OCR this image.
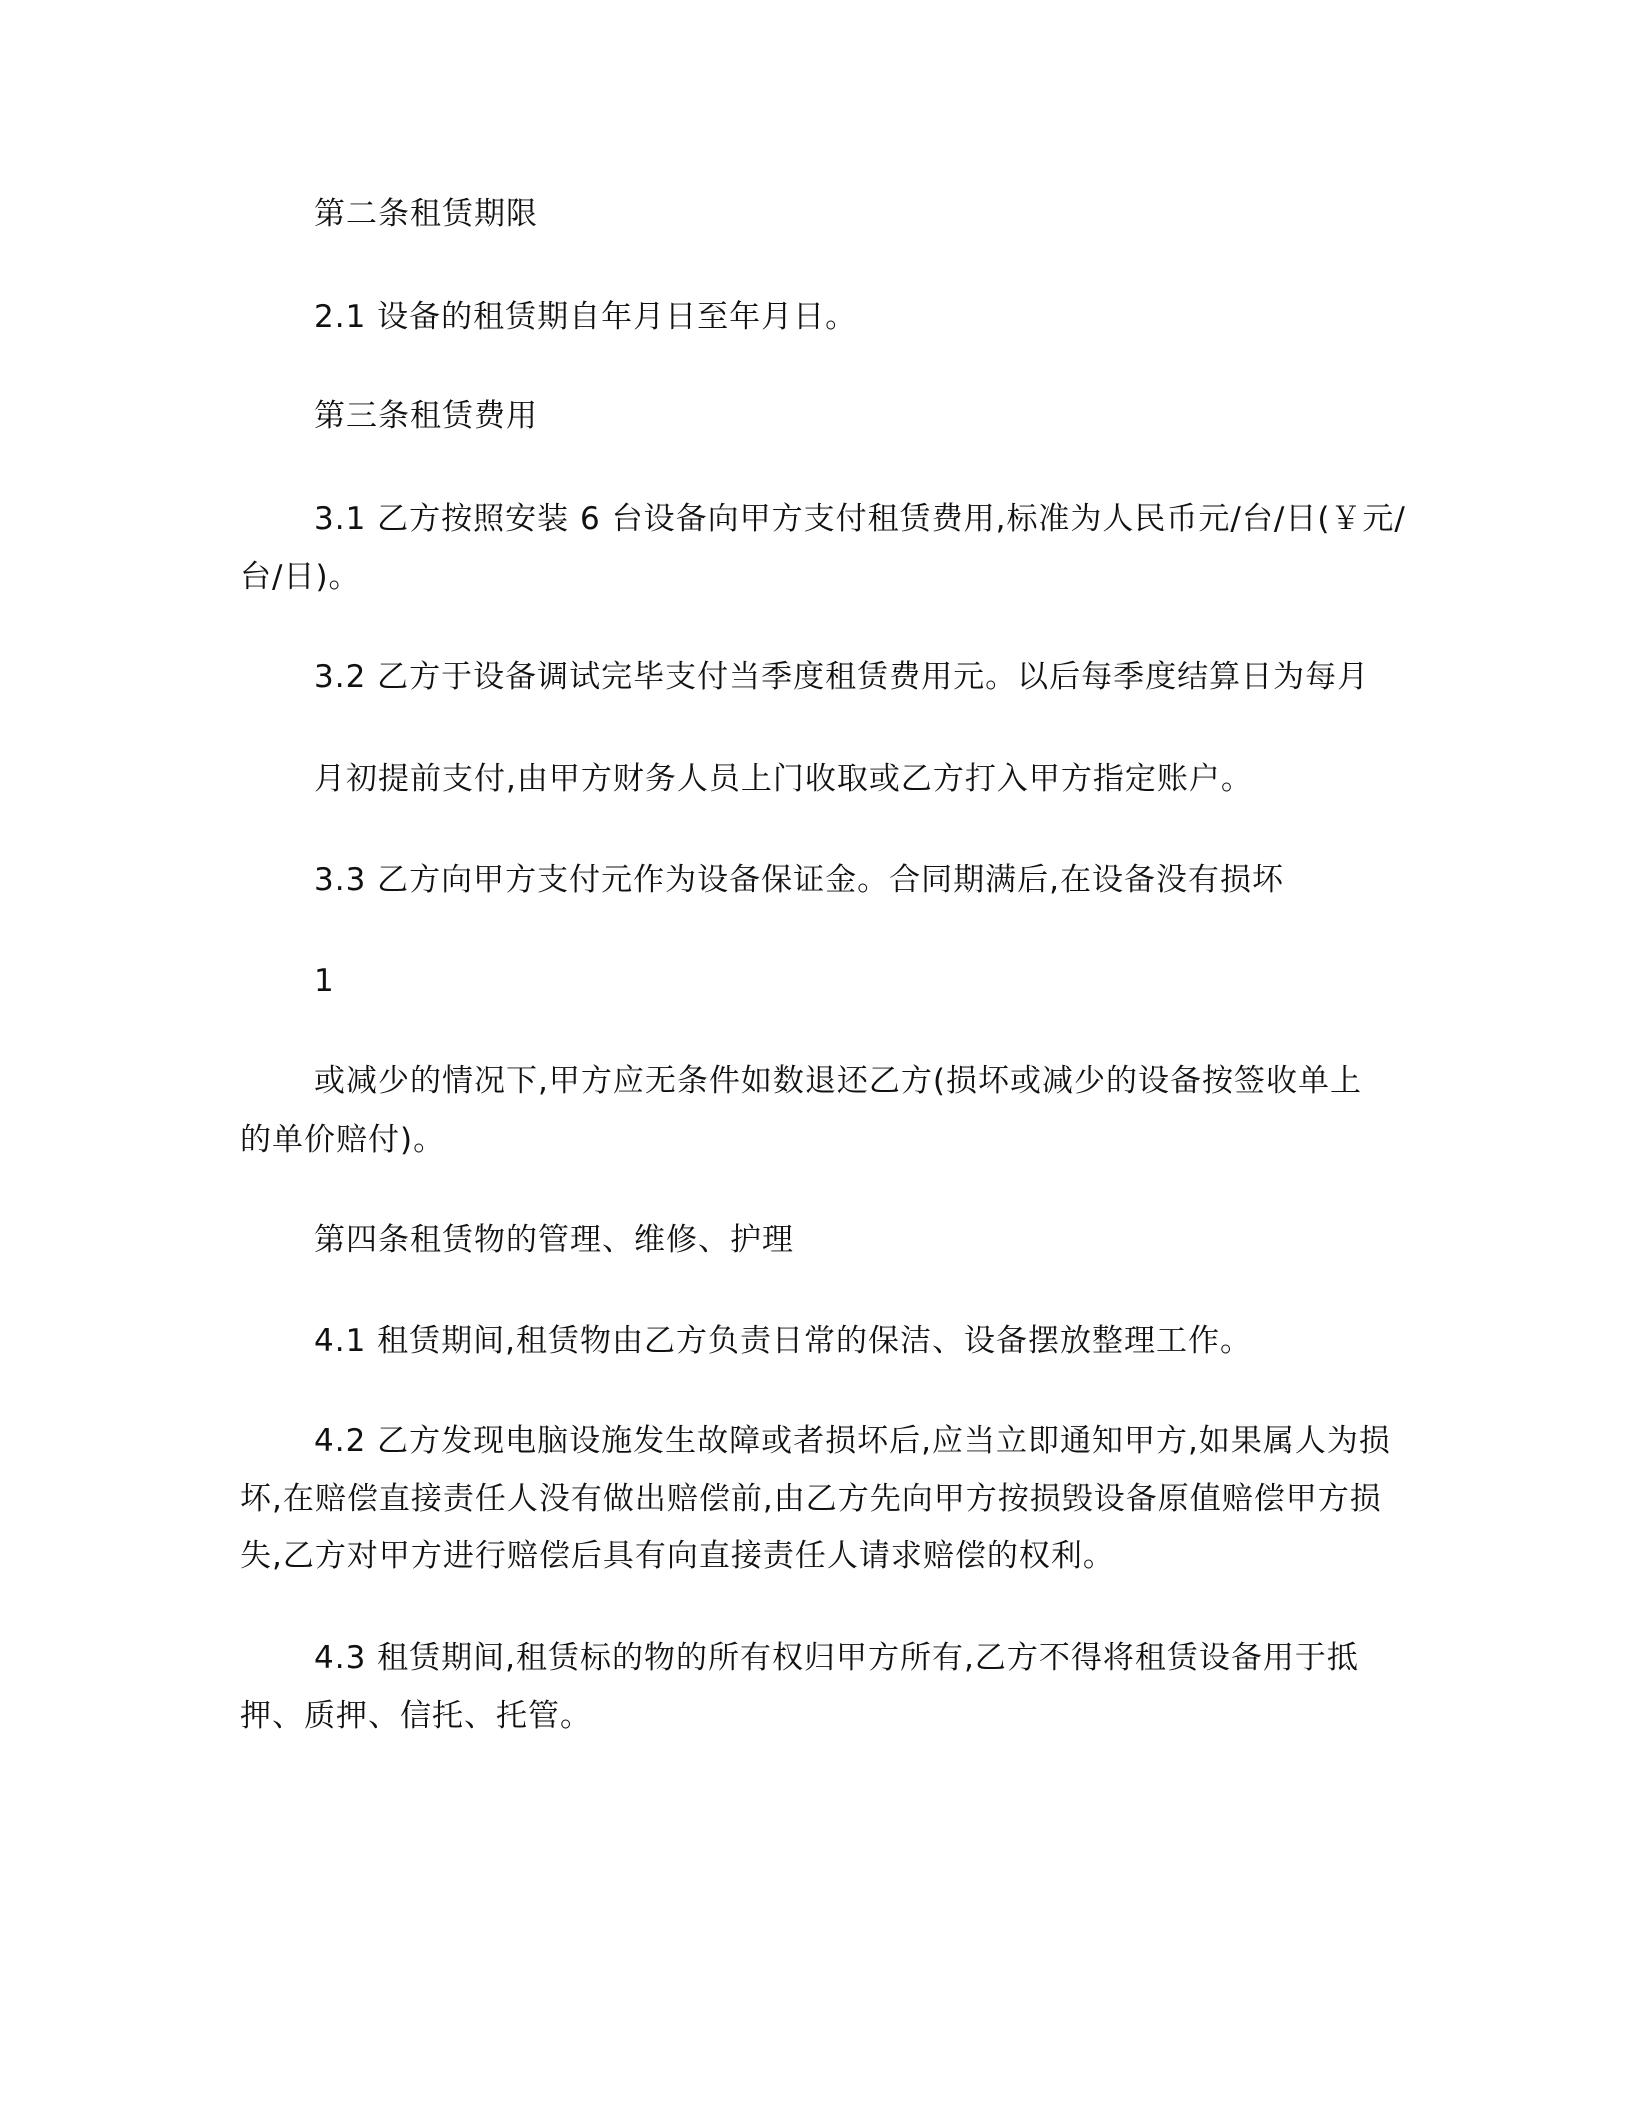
第二条租赁期限
2.1 设备的租赁期自年月日至年月日。
第三条租赁费用
3.1 乙方按照安装 6 台设备向甲方支付租赁费用,标准为人民币元/台/日(￥元/
台/日)。
3.2 乙方于设备调试完毕支付当季度租赁费用元。以后每季度结算日为每月
月初提前支付,由甲方财务人员上门收取或乙方打入甲方指定账户。
3.3 乙方向甲方支付元作为设备保证金。合同期满后,在设备没有损坏
1
或减少的情况下,甲方应无条件如数退还乙方(损坏或减少的设备按签收单上
的单价赔付)。
第四条租赁物的管理、维修、护理
4.1 租赁期间,租赁物由乙方负责日常的保洁、设备摆放整理工作。
4.2 乙方发现电脑设施发生故障或者损坏后,应当立即通知甲方,如果属人为损
坏,在赔偿直接责任人没有做出赔偿前,由乙方先向甲方按损毁设备原值赔偿甲方损
失,乙方对甲方进行赔偿后具有向直接责任人请求赔偿的权利。
4.3 租赁期间,租赁标的物的所有权归甲方所有,乙方不得将租赁设备用于抵
押、质押、信托、托管。
